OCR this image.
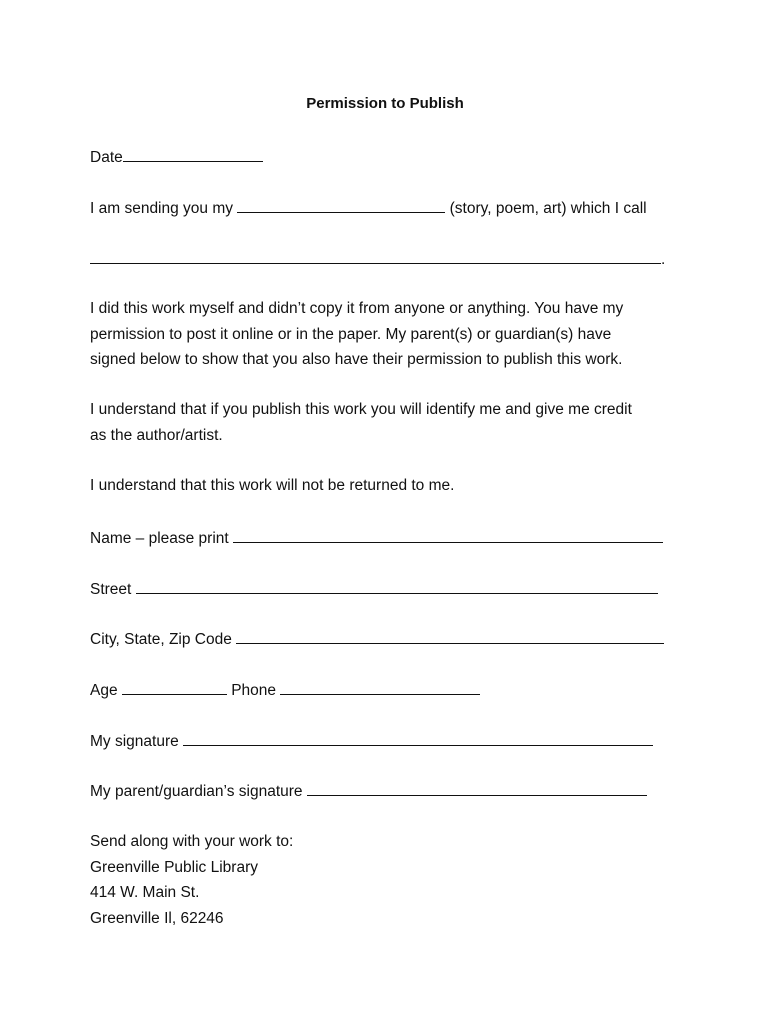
Permission to Publish
Date
I am sending you my	(story, poem, art) which I call
.
I did this work myself and didn’t copy it from anyone or anything. You have my
permission to post it online or in the paper. My parent(s) or guardian(s) have
signed below to show that you also have their permission to publish this work.
I understand that if you publish this work you will identify me and give me credit
as the author/artist.
I understand that this work will not be returned to me.
Name – please print
Street
City, State, Zip Code
Age	Phone
My signature
My parent/guardian’s signature
Send along with your work to:
Greenville Public Library
414 W. Main St.
Greenville Il, 62246
